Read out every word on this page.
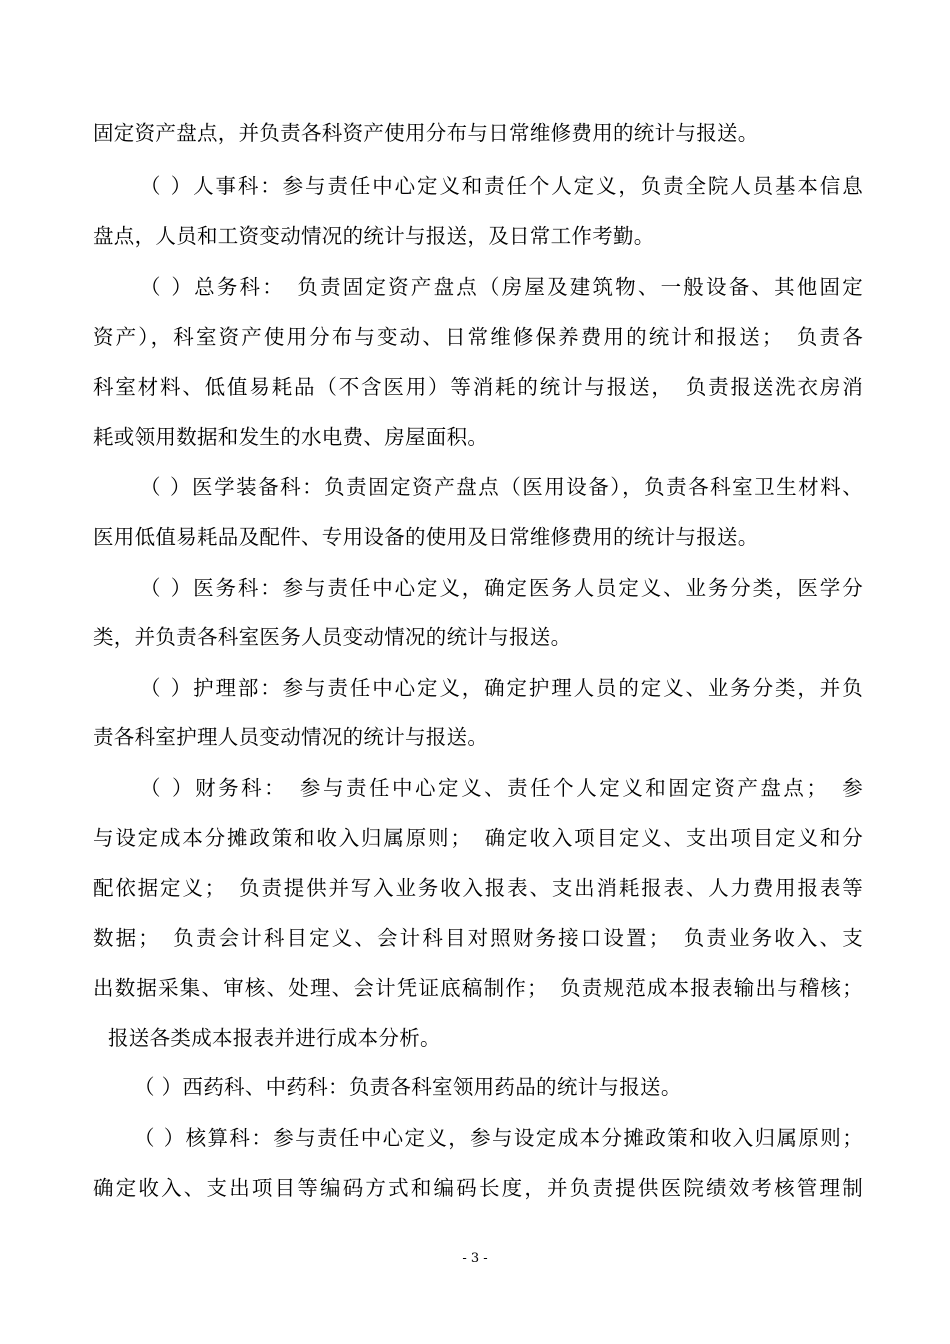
固定资产盘点，并负责各科资产使用分布与日常维修费用的统计与报送。
（ ）人事科：参与责任中心定义和责任个人定义，负责全院人员基本信息
盘点，人员和工资变动情况的统计与报送，及日常工作考勤。
（ ）总务科：　负责固定资产盘点（房屋及建筑物、一般设备、其他固定
资产），科室资产使用分布与变动、日常维修保养费用的统计和报送；　负责各
科室材料、低值易耗品（不含医用）等消耗的统计与报送，　负责报送洗衣房消
耗或领用数据和发生的水电费、房屋面积。
（ ）医学装备科：负责固定资产盘点（医用设备），负责各科室卫生材料、
医用低值易耗品及配件、专用设备的使用及日常维修费用的统计与报送。
（ ）医务科：参与责任中心定义，确定医务人员定义、业务分类，医学分
类，并负责各科室医务人员变动情况的统计与报送。
（ ）护理部：参与责任中心定义，确定护理人员的定义、业务分类，并负
责各科室护理人员变动情况的统计与报送。
（ ）财务科：　参与责任中心定义、责任个人定义和固定资产盘点；　参
与设定成本分摊政策和收入归属原则；　确定收入项目定义、支出项目定义和分
配依据定义；　负责提供并写入业务收入报表、支出消耗报表、人力费用报表等
数据；　负责会计科目定义、会计科目对照财务接口设置；　负责业务收入、支
出数据采集、审核、处理、会计凭证底稿制作；　负责规范成本报表输出与稽核；
报送各类成本报表并进行成本分析。
（ ）西药科、中药科：负责各科室领用药品的统计与报送。
（ ）核算科：参与责任中心定义，参与设定成本分摊政策和收入归属原则；
确定收入、支出项目等编码方式和编码长度，并负责提供医院绩效考核管理制
- 3 -
